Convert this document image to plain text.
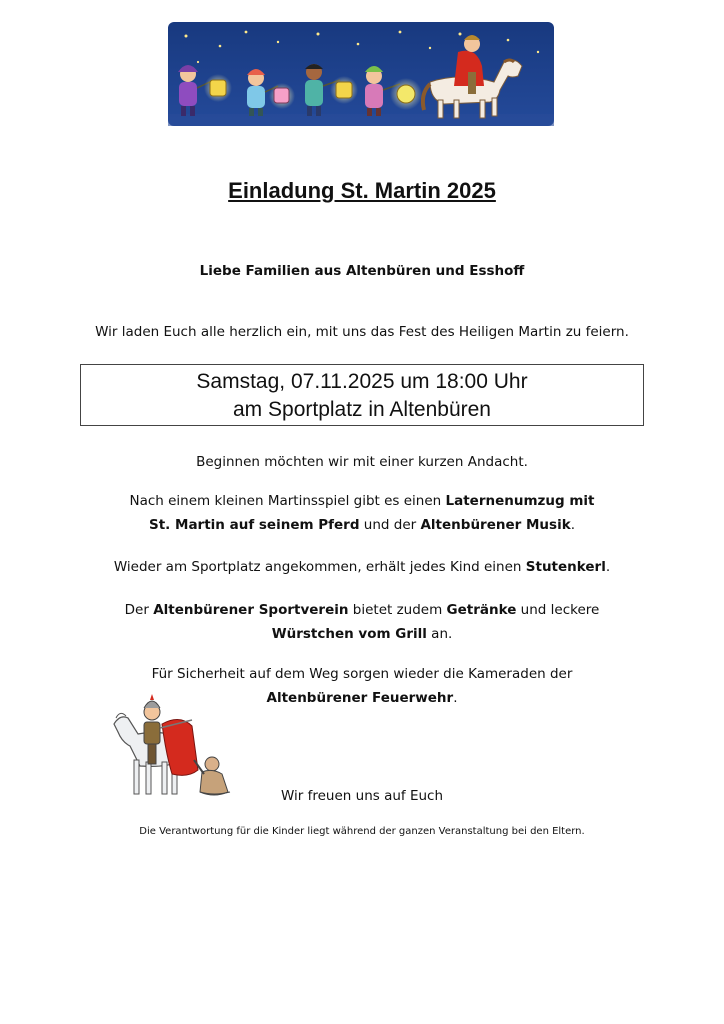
Einladung St. Martin 2025
Liebe Familien aus Altenbüren und Esshoff
Wir laden Euch alle herzlich ein, mit uns das Fest des Heiligen Martin zu feiern.
Samstag, 07.11.2025 um 18:00 Uhr
am Sportplatz in Altenbüren
Beginnen möchten wir mit einer kurzen Andacht.
Nach einem kleinen Martinsspiel gibt es einen Laternenumzug mit
St. Martin auf seinem Pferd und der Altenbürener Musik.
Wieder am Sportplatz angekommen, erhält jedes Kind einen Stutenkerl.
Der Altenbürener Sportverein bietet zudem Getränke und leckere
Würstchen vom Grill an.
Für Sicherheit auf dem Weg sorgen wieder die Kameraden der
Altenbürener Feuerwehr.
Wir freuen uns auf Euch
Die Verantwortung für die Kinder liegt während der ganzen Veranstaltung bei den Eltern.
